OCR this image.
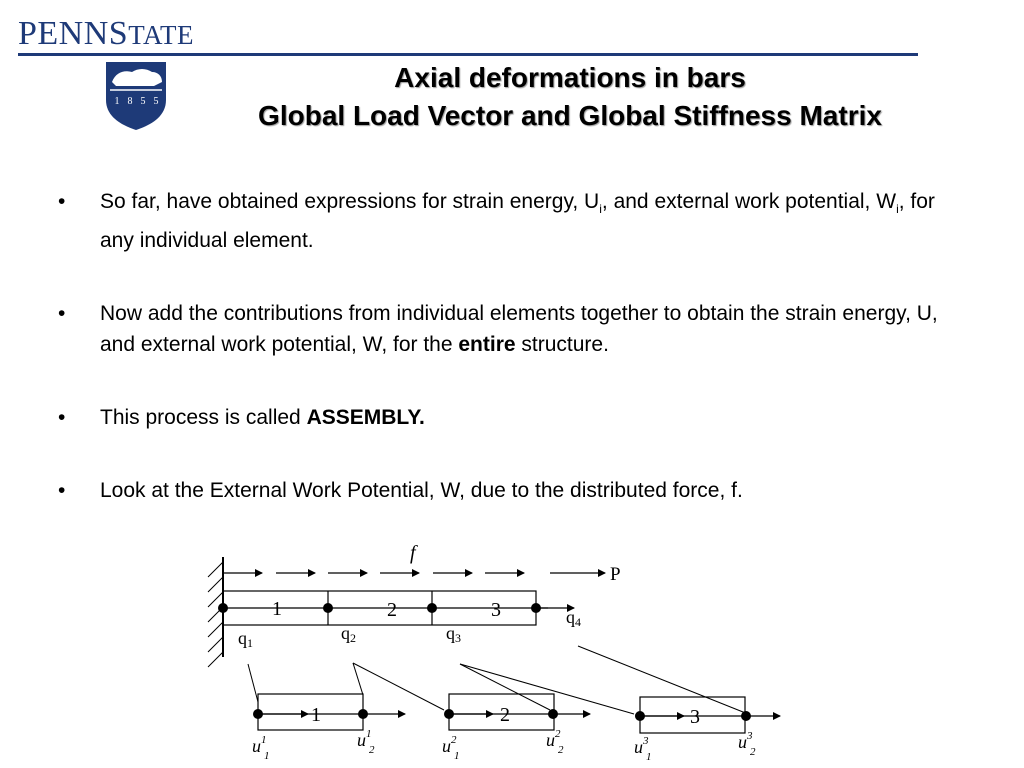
PENNSTATE
1 8 5 5
Axial deformations in bars
Global Load Vector and Global Stiffness Matrix
• So far, have obtained expressions for strain energy, $U_i$, and external work potential, $W_i$, for any individual element.
• Now add the contributions from individual elements together to obtain the strain energy, U, and external work potential, W, for the entire structure.
• This process is called ASSEMBLY.
• Look at the External Work Potential, W, due to the distributed force, f.
f
P
1	2	3
q1	q2	q3
q4
1	2	3
$u^1$ 1
$u^1$ 2	$u^2$ 1
$u^2$ 2	$u^3$ 1
$u^3$ 2
